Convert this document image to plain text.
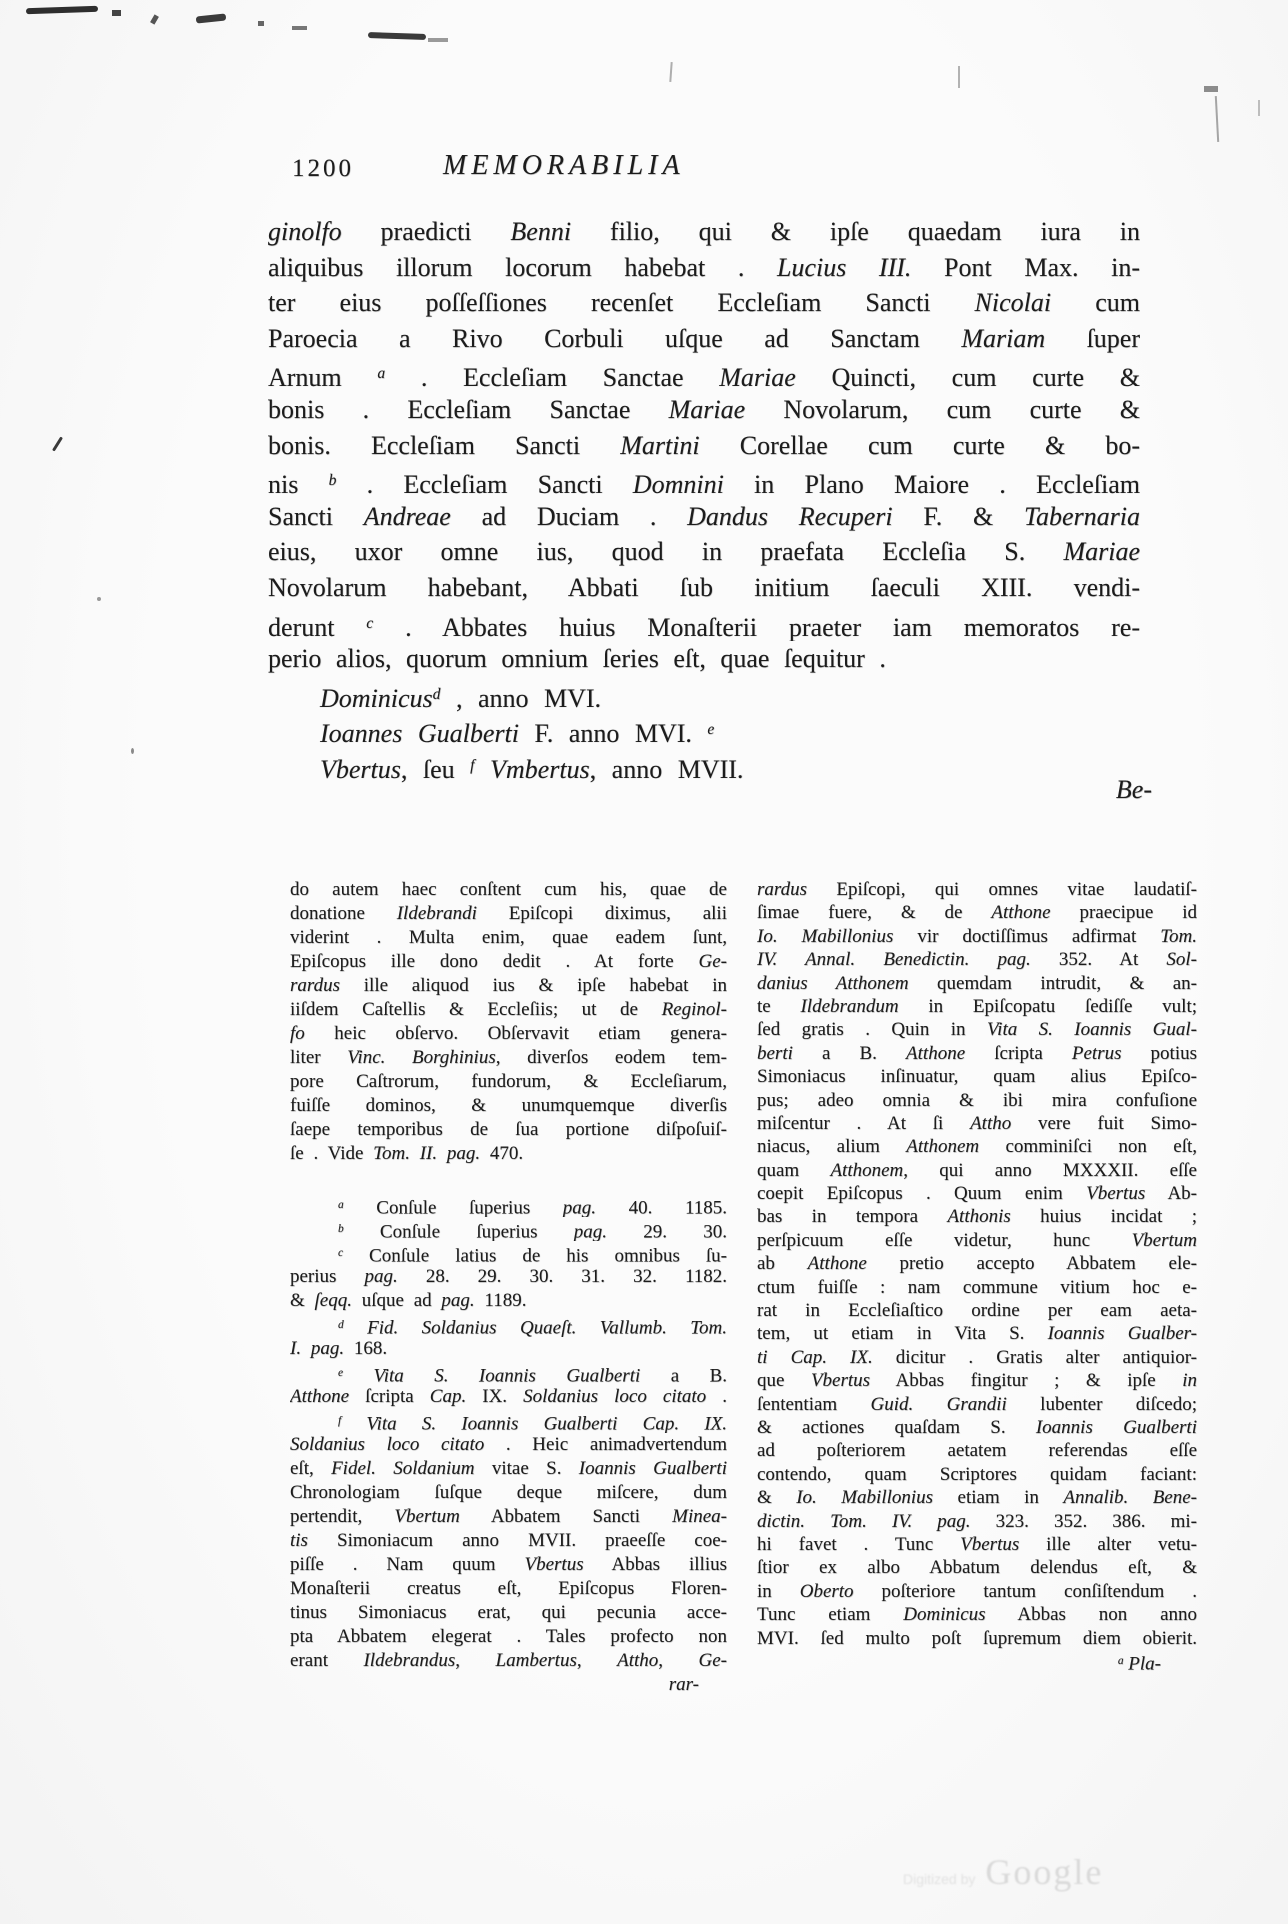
1200	MEMORABILIA
ginolfo praedicti Benni filio, qui & ipſe quaedam iura in
aliquibus illorum locorum habebat . Lucius III. Pont Max. in-
ter eius poſſeſſiones recenſet Eccleſiam Sancti Nicolai cum
Paroecia a Rivo Corbuli uſque ad Sanctam Mariam ſuper
Arnum $^a$ . Eccleſiam Sanctae Mariae Quincti, cum curte &
bonis . Eccleſiam Sanctae Mariae Novolarum, cum curte &
bonis. Eccleſiam Sancti Martini Corellae cum curte & bo-
nis $^b$ . Eccleſiam Sancti Domnini in Plano Maiore . Eccleſiam
Sancti Andreae ad Duciam . Dandus Recuperi F. & Tabernaria
eius, uxor omne ius, quod in praefata Eccleſia S. Mariae
Novolarum habebant, Abbati ſub initium ſaeculi XIII. vendi-
derunt $^c$ . Abbates huius Monaſterii praeter iam memoratos re-
perio alios, quorum omnium ſeries eſt, quae ſequitur .
Dominicus$^d$ , anno MVI.
Ioannes Gualberti F. anno MVI. $^e$
Vbertus, ſeu $^f$ Vmbertus, anno MVII.
Be-
do autem haec conſtent cum his, quae de
donatione Ildebrandi Epiſcopi diximus, alii
viderint . Multa enim, quae eadem ſunt,
Epiſcopus ille dono dedit . At forte Ge-
rardus ille aliquod ius & ipſe habebat in
iiſdem Caſtellis & Eccleſiis; ut de Reginol-
fo heic obſervo. Obſervavit etiam genera-
liter Vinc. Borghinius, diverſos eodem tem-
pore Caſtrorum, fundorum, & Eccleſiarum,
fuiſſe dominos, & unumquemque diverſis
ſaepe temporibus de ſua portione diſpoſuiſ-
ſe . Vide Tom. II. pag. 470.
$^a$ Conſule ſuperius pag. 40. 1185.
$^b$ Conſule ſuperius pag. 29. 30.
$^c$ Conſule latius de his omnibus ſu-
perius pag. 28. 29. 30. 31. 32. 1182.
& ſeqq. uſque ad pag. 1189.
$^d$ Fid. Soldanius Quaeſt. Vallumb. Tom.
I. pag. 168.
$^e$ Vita S. Ioannis Gualberti a B.
Atthone ſcripta Cap. IX. Soldanius loco citato .
$^f$ Vita S. Ioannis Gualberti Cap. IX.
Soldanius loco citato . Heic animadvertendum
eſt, Fidel. Soldanium vitae S. Ioannis Gualberti
Chronologiam ſuſque deque miſcere, dum
pertendit, Vbertum Abbatem Sancti Minea-
tis Simoniacum anno MVII. praeeſſe coe-
piſſe . Nam quum Vbertus Abbas illius
Monaſterii creatus eſt, Epiſcopus Floren-
tinus Simoniacus erat, qui pecunia acce-
pta Abbatem elegerat . Tales profecto non
erant Ildebrandus, Lambertus, Attho, Ge-
rar-
rardus Epiſcopi, qui omnes vitae laudatiſ-
ſimae fuere, & de Atthone praecipue id
Io. Mabillonius vir doctiſſimus adfirmat Tom.
IV. Annal. Benedictin. pag. 352. At Sol-
danius Atthonem quemdam intrudit, & an-
te Ildebrandum in Epiſcopatu ſediſſe vult;
ſed gratis . Quin in Vita S. Ioannis Gual-
berti a B. Atthone ſcripta Petrus potius
Simoniacus inſinuatur, quam alius Epiſco-
pus; adeo omnia & ibi mira confuſione
miſcentur . At ſi Attho vere fuit Simo-
niacus, alium Atthonem comminiſci non eſt,
quam Atthonem, qui anno MXXXII. eſſe
coepit Epiſcopus . Quum enim Vbertus Ab-
bas in tempora Atthonis huius incidat ;
perſpicuum eſſe videtur, hunc Vbertum
ab Atthone pretio accepto Abbatem ele-
ctum fuiſſe : nam commune vitium hoc e-
rat in Eccleſiaſtico ordine per eam aeta-
tem, ut etiam in Vita S. Ioannis Gualber-
ti Cap. IX. dicitur . Gratis alter antiquior-
que Vbertus Abbas fingitur ; & ipſe in
ſententiam Guid. Grandii lubenter diſcedo;
& actiones quaſdam S. Ioannis Gualberti
ad poſteriorem aetatem referendas eſſe
contendo, quam Scriptores quidam faciant:
& Io. Mabillonius etiam in Annalib. Bene-
dictin. Tom. IV. pag. 323. 352. 386. mi-
hi favet . Tunc Vbertus ille alter vetu-
ſtior ex albo Abbatum delendus eſt, &
in Oberto poſteriore tantum conſiſtendum .
Tunc etiam Dominicus Abbas non anno
MVI. ſed multo poſt ſupremum diem obierit.
$^a$ Pla-
Digitized by Google
